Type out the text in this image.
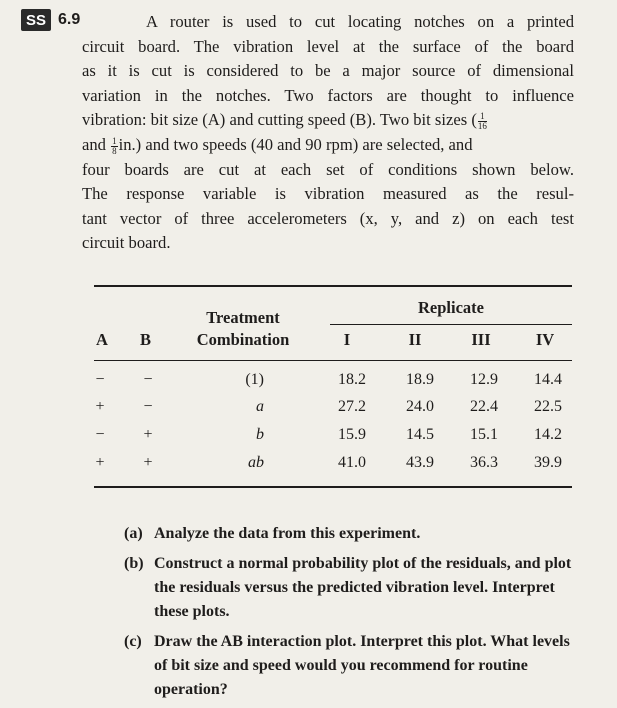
SS 6.9	A router is used to cut locating notches on a printed
circuit board. The vibration level at the surface of the board
as it is cut is considered to be a major source of dimensional
variation in the notches. Two factors are thought to influence
vibration: bit size (A) and cutting speed (B). Two bit sizes ( $\frac{1}{16}$
and $\frac{1}{8} in$.) and two speeds (40 and 90 rpm) are selected, and
four boards are cut at each set of conditions shown below.
The response variable is vibration measured as the resul-
tant vector of three accelerometers (x, y, and z) on each test
circuit board.
Treatment
Combination
A B
Replicate
I	II	III	IV
− −	(1)	18.2	18.9	12.9	14.4
+ −	a	27.2	24.0	22.4	22.5
− +	b	15.9	14.5	15.1	14.2
+ +	ab	41.0	43.9	36.3	39.9
(a) Analyze the data from this experiment.
(b) Construct a normal probability plot of the residuals, and plot the residuals versus the predicted vibration level. Interpret these plots.
(c) Draw the AB interaction plot. Interpret this plot. What levels of bit size and speed would you recommend for routine operation?
